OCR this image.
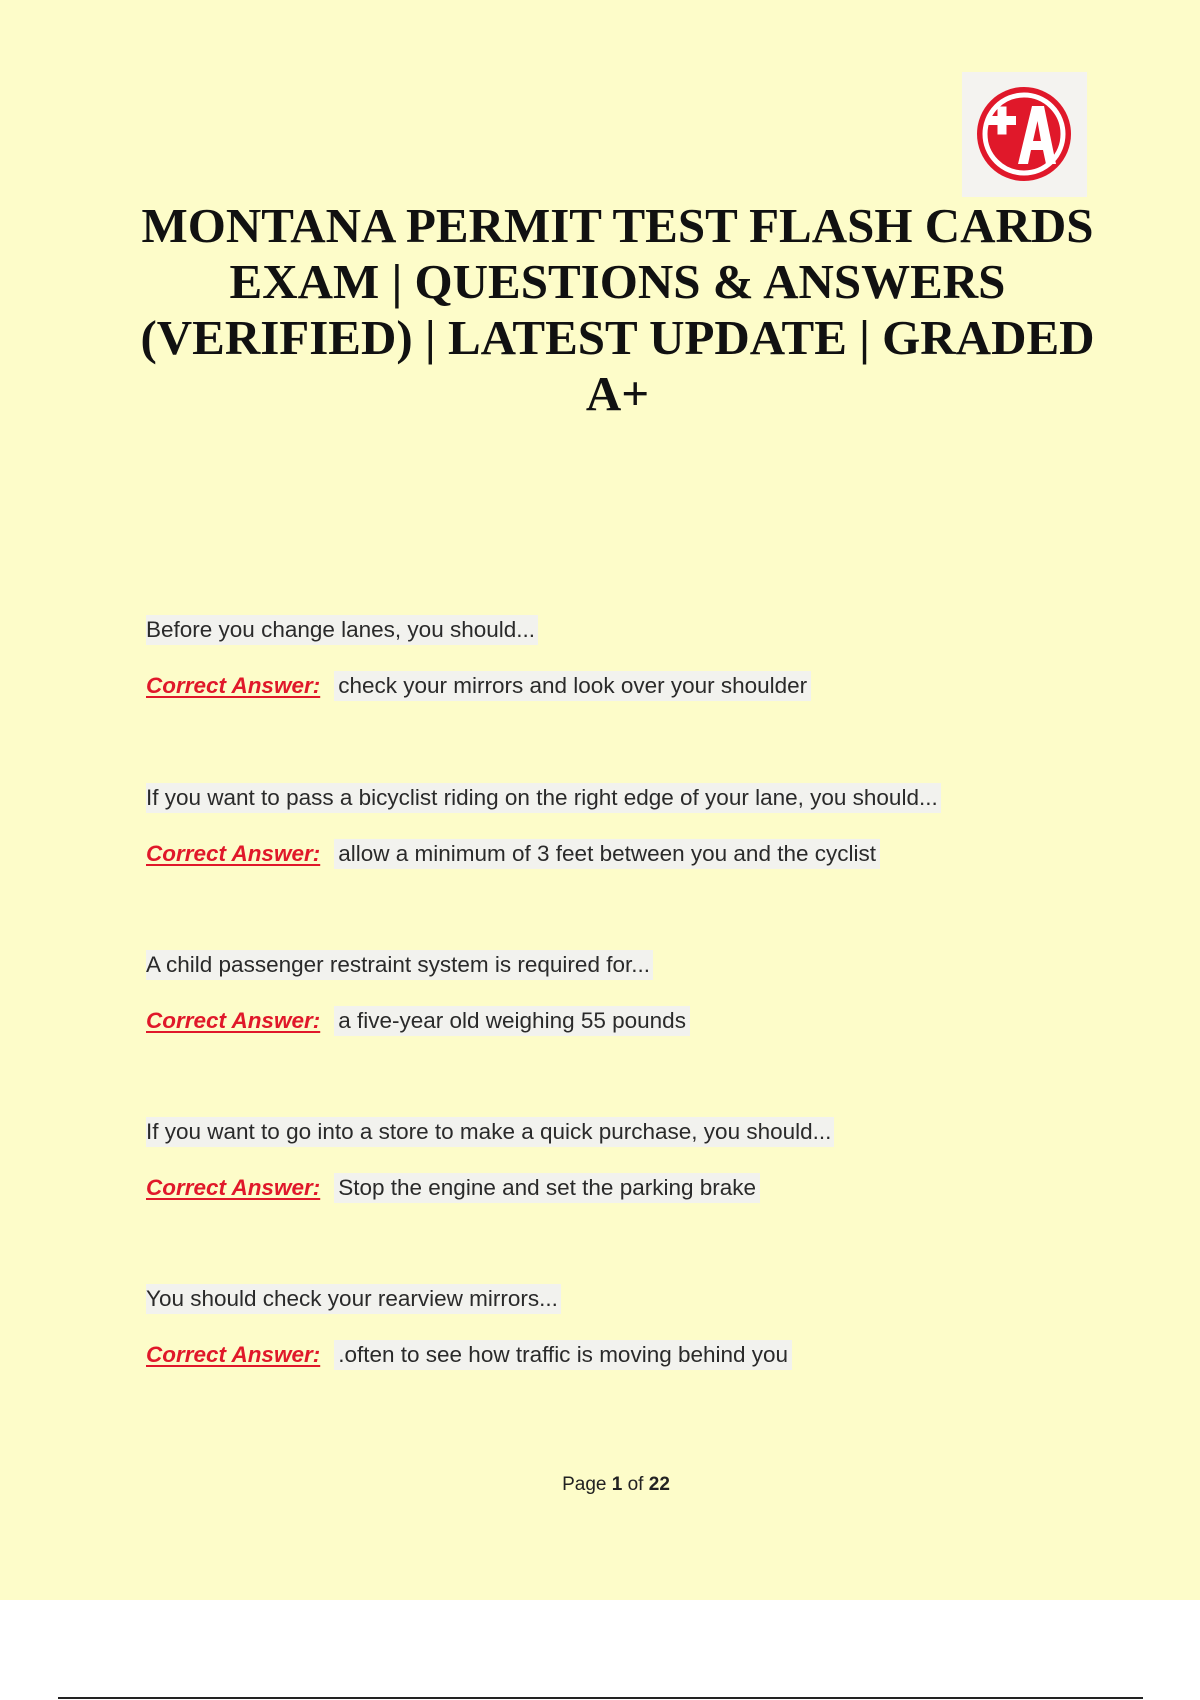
MONTANA PERMIT TEST FLASH CARDS EXAM | QUESTIONS & ANSWERS (VERIFIED) | LATEST UPDATE | GRADED A+
Before you change lanes, you should...
Correct Answer: check your mirrors and look over your shoulder
If you want to pass a bicyclist riding on the right edge of your lane, you should...
Correct Answer: allow a minimum of 3 feet between you and the cyclist
A child passenger restraint system is required for...
Correct Answer: a five-year old weighing 55 pounds
If you want to go into a store to make a quick purchase, you should...
Correct Answer: Stop the engine and set the parking brake
You should check your rearview mirrors...
Correct Answer: .often to see how traffic is moving behind you
Page 1 of 22
